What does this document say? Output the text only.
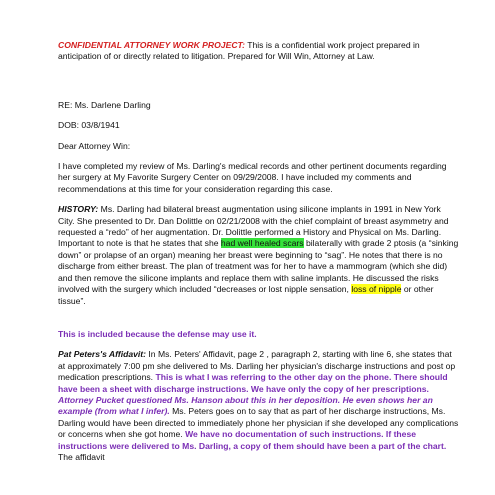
CONFIDENTIAL ATTORNEY WORK PROJECT: This is a confidential work project prepared in anticipation of or directly related to litigation. Prepared for Will Win, Attorney at Law.

RE: Ms. Darlene Darling

DOB: 03/8/1941

Dear Attorney Win:

I have completed my review of Ms. Darling's medical records and other pertinent documents regarding her surgery at My Favorite Surgery Center on 09/29/2008. I have included my comments and recommendations at this time for your consideration regarding this case.

HISTORY: Ms. Darling had bilateral breast augmentation using silicone implants in 1991 in New York City. She presented to Dr. Dan Dolittle on 02/21/2008 with the chief complaint of breast asymmetry and requested a “redo” of her augmentation. Dr. Dolittle performed a History and Physical on Ms. Darling. Important to note is that he states that she had well healed scars bilaterally with grade 2 ptosis (a “sinking down” or prolapse of an organ) meaning her breast were beginning to “sag”. He notes that there is no discharge from either breast. The plan of treatment was for her to have a mammogram (which she did) and then remove the silicone implants and replace them with saline implants. He discussed the risks involved with the surgery which included “decreases or lost nipple sensation, loss of nipple or other tissue”.

This is included because the defense may use it.

Pat Peters's Affidavit: In Ms. Peters' Affidavit, page 2 , paragraph 2, starting with line 6, she states that at approximately 7:00 pm she delivered to Ms. Darling her physician's discharge instructions and post op medication prescriptions. This is what I was referring to the other day on the phone. There should have been a sheet with discharge instructions. We have only the copy of her prescriptions. Attorney Pucket questioned Ms. Hanson about this in her deposition. He even shows her an example (from what I infer). Ms. Peters goes on to say that as part of her discharge instructions, Ms. Darling would have been directed to immediately phone her physician if she developed any complications or concerns when she got home. We have no documentation of such instructions. If these instructions were delivered to Ms. Darling, a copy of them should have been a part of the chart. The affidavit
